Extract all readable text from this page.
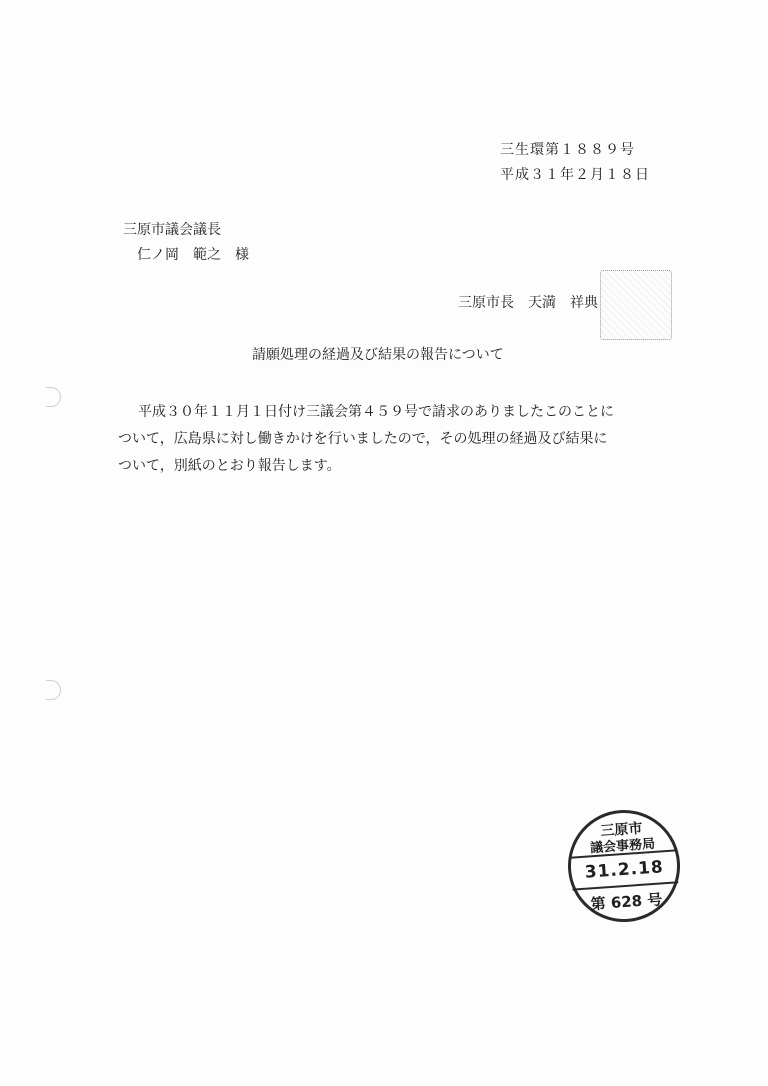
三生環第１８８９号
平成３１年２月１８日
三原市議会議長
仁ノ岡　範之　様
三原市長　天満　祥典
請願処理の経過及び結果の報告について
平成３０年１１月１日付け三議会第４５９号で請求のありましたこのことに
ついて，広島県に対し働きかけを行いましたので，その処理の経過及び結果に
ついて，別紙のとおり報告します。
三原市
議会事務局
31.2.18
第 628 号
